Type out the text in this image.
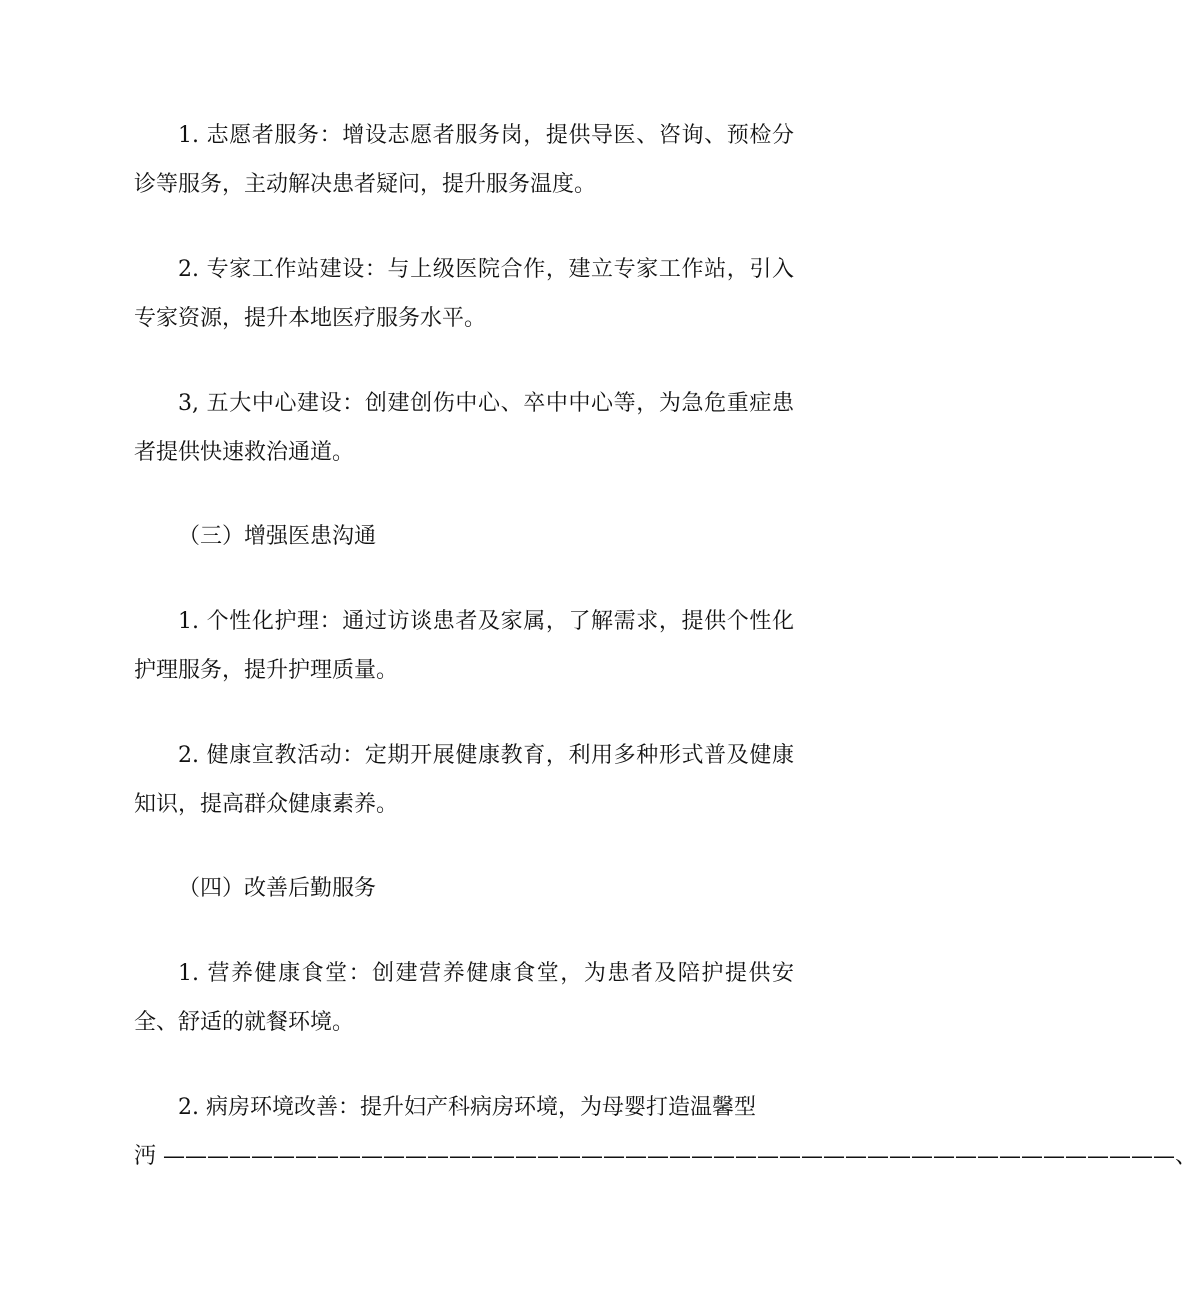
1. 志愿者服务：增设志愿者服务岗，提供导医、咨询、预检分诊等服务，主动解决患者疑问，提升服务温度。

2. 专家工作站建设：与上级医院合作，建立专家工作站，引入专家资源，提升本地医疗服务水平。

3, 五大中心建设：创建创伤中心、卒中中心等，为急危重症患者提供快速救治通道。

（三）增强医患沟通

1. 个性化护理：通过访谈患者及家属，了解需求，提供个性化护理服务，提升护理质量。

2. 健康宣教活动：定期开展健康教育，利用多种形式普及健康知识，提高群众健康素养。

（四）改善后勤服务

1. 营养健康食堂：创建营养健康食堂，为患者及陪护提供安全、舒适的就餐环境。

2. 病房环境改善：提升妇产科病房环境，为母婴打造温馨型

沔 ——————————————————————————————————————————————、
